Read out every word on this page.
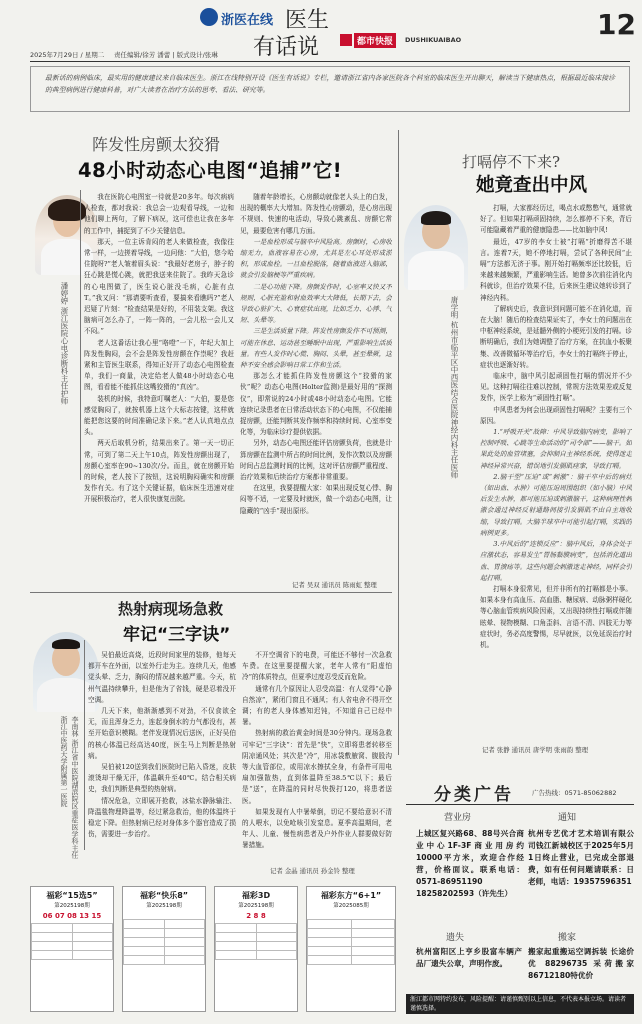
浙医在线 医生
有话说	都市快报	DUSHIKUAIBAO	12
2025年7月29日 / 星期二 责任编辑/徐芳 潘蕾 | 版式设计/张琳
最新话的病例临床，最实用的健康建议来自临床医生。浙江在线特别开设《医生有话说》专栏，邀请浙江省内各家医院各个科室的临床医生开出聊天，解读当下健康热点，根据最近临床接诊的典型病例进行健康科普，对广大读者在治疗方法的思考、看法、研究等。
阵发性房颤太狡猾
48小时动态心电图“追捕”它!
潘婷婷 浙江医院心电诊断科主任护师

我在医院心电图室一待就是20多年。每次病病人检查，都对我说：我总会一边观看导线，一边和他们聊上两句，了解下病况，这可偿也让我在多年的工作中，捕捉到了不少关键信息。

那天，一位主诉肯闷的老人来做检查，我像往常一样，一边搓着导线，一边问他：“大伯，您今哈住院呀?”老人皱着眉头说：“我最好老房子，脖子的狂心跳是慌心跳，就把我送来住院了。我昨天急诊的心电图做了，医生说心脏没毛病，心脏有点 T。”我又问：“那请要听查看，要搞来看瞧吗?”老人迟疑了片刻：“检查结果是好的，不用装支架。我这脑病可怎么办了，一阵一阵的，一会儿松一会儿又不闷。”

老人这番话让我心里“咯噔”一下，年纪大加上阵发性胸闷，会不会是阵发性房颤在作祟呢？我赶紧和主管医生联系，得知正好开了动态心电图检查单，我们一商量，决定给老人做48小时动态心电图，看看能不能抓住这嘴狡猾的“真凶”。

装机的时候，我特意叮嘱老人：“大伯，要是您感觉胸闷了，就按机器上这个大标志按键，这样就能把您这要的时间准确记录下来。”老人认真地点点头。

两天后取机分析，结果出来了。第一天一切正常，可到了第二天上午10点，阵发性房颤出现了，房颤心室率在90~130次/分。而且，就在房颤开始的时候，老人按下了按钮，这说明胸闷确实和房颤发作有关。有了这个关键证据，临床医生迅速对症开展积极治疗，老人很快康复出院。

随着年龄增长，心房颤动就像老人头上的白发，出现的概率大大增加。阵发性心房颤动，是心房出现不规则、快速的电活动，导致心跳紊乱、房颤它常见，最要危害有哪几方面。

一是血栓形成与脑卒中风险高。房颤时，心房收缩无力，血液容易在心房，尤其是左心耳处形成淤积，形成血栓。一旦血栓脱落，随着血液进入脑部，就会引发脑梗等严重疾病。

二是心功能下降。房颤发作时，心室率又快又不规则，心脏充盈和射血效率大大降低，长期下去，会导致心脏扩大、心衰症状出现，比如乏力、心悸、气短、头晕等。

三是生活质量下降。阵发性房颤发作不可预测，可能在休息、运动甚至睡眠中出现，严重影响生活质量。有些人发作时心慌、胸闷、头晕，甚至晕厥，这种不安全感会影响日常工作和生活。

那怎么才能抓住阵发性房颤这个“狡猾的家伙”呢？动态心电图(Holter监测)是最好用的“探测仪”，即常说的24小时或48小时动态心电图。它能连续记录患者在日常活动状态下的心电图，不仅能捕捉房颤，还能判断其发作频率和持续时间、心室率变化等，为临床诊疗提供依据。

另外，动态心电图还能评估房颤负荷，也就是计算房颤在监测中所占的时间比例，发作次数以及房颤时间占总监测时间的比例，这对评估房颤严重程度、治疗效果和后续治疗方案都非常重要。

在这里，我要提醒大家：如果出现反复心悸、胸闷等不适，一定要及时就医，做一个动态心电图，让隐藏的“凶手”现出原形。

记者 吴双 通讯员 陈雨虹 整理
打嗝停不下来?
她竟查出中风
唐学明 杭州市临平区中西医结合医院神经内科主任医师

打嗝，大家都经历过，喝点水或憋憋气，通常就好了。但如果打嗝顽固持续，怎么都停不下来，背后可能隐藏着严重的健康隐患——比如脑中风!

最近，47岁的李女士被“打嗝”折磨得苦不堪言。连着7天，她不停地打嗝，尝试了各种民间“止嗝”方法都无济于事。刚开始打嗝频率还比较低，后来越来越频繁，严重影响生活。她曾多次前往消化内科就诊，但治疗效果不佳，后来医生建议她转诊到了神经内科。

了解病史后，我意识到问题可能不在消化道，而在大脑！随后的检查结果证实了，李女士的问题出在中枢神经系统，是延髓外侧的小梗死引发的打嗝。诊断明确后，我们为她调整了治疗方案，在抗血小板聚集、改善微循环等治疗后，李女士的打嗝终于停止，症状也逐渐好转。

临床中，脑中风引起顽固性打嗝的情况并不少见。这种打嗝往往难以控制，常规方法效果差或反复发作，医学上称为“顽固性打嗝”。

中风患者为何会出现顽固性打嗝呢？主要有三个原因。

1.“呼吸开关”故障：中风导致脑内病变，影响了控制呼吸、心跳等生命活动的“司令部”——脑干。如果此处的血管堵塞，会抑制自主神经系统，使得迷走神经异常兴奋，错误地引发膈肌痉挛，导致打嗝。

2.脑干型“压迫”或“刺激”：脑干卒中后的病灶（如出血、水肿）可能压迫周围组织（如小脑）中风后发生水肿，都可能压迫或刺激脑干，这种病理性刺激会通过神经反射通路间接引发膈肌不由自主地收缩，导致打嗝。大脑半球卒中可能引起打嗝，实践的病例更多。

3.中风后的“连锁反应”：脑中风后，身体会处于应激状态，容易发生“胃肠黏膜病变”，包括消化道出血、胃溃疡等。这些问题会刺激迷走神经，同样会引起打嗝。

打嗝本身很常见，但并非所有的打嗝都是小事。如果本身有高血压、高血脂、糖尿病、动脉粥样硬化等心脑血管疾病风险因素，又出现持续性打嗝或伴随眩晕、视物模糊、口角歪斜、言语不清、四肢无力等症状时，务必高度警惕，尽早就医，以免延误治疗时机。

记者 张静 通讯员 唐学明 张雨韵 整理
热射病现场急救
牢记“三字诀”
李南林 浙江省中医院湖滨院区重症医学科主任 浙江中医药大学附属第一医院

吴伯最近高烧，近段时间家里的装修，他每天都开车在外面，以室外行走为主。连续几天，他感觉头晕、乏力，胸闷的情况越来越严重。今天，杭州气温持续攀升，但是他为了省钱，硬是忍着没开空调。

几天下来，他渐渐感到不对劲，不仅食欲全无，而且浑身乏力，连起身倒水的力气都没有，甚至开始意识模糊。老伴发现情况后送医，正好吴伯的核心体温已经高达40度，医生马上判断是热射病。

吴伯被120送到我们医院时已陷入昏迷，皮肤滚烫却干燥无汗，体温飙升至40℃。结合相关病史，我们判断是典型的热射病。

情况危急，立即展开抢救，冰盐水静脉输注、降温毯物理降温等，经过紧急救治，他的体温终于稳定下降。但热射病已经对身体多个器官造成了损伤，需要进一步治疗。

不开空调省下的电费，可能还不够付一次急救车费。在这里要提醒大家，老年人常有“阳虚怕冷”的体质特点，但夏季过度忍受反而危险。

通常有几个原因让人忍受高温：有人觉得“心静自然凉”，紧闭门窗且不通风；有人省电舍不得开空调；有的老人身体感知迟钝，不知道自己已经中暑。

热射病的救治黄金时间是30分钟内。现场急救可牢记“三字诀”：首先是“快”，立即将患者转移至阴凉通风处；其次是“冷”，用冰袋敷腋窝、腹股沟等大血管部位，或用凉水擦拭全身，有条件可用电扇加强散热，直到体温降至38.5℃以下；最后是“送”，在降温的同时尽快拨打120，将患者送医。

如果发现有人中暑晕倒，切记不要给意识不清的人喂水，以免呛咳引发窒息。夏季高温期间，老年人、儿童、慢性病患者及户外作业人群要做好防暑措施。

记者 金晶 通讯员 孙金铃 整理
分类广告	广告热线：0571-85062882
营业房
上城区复兴路68、88号兴合商业中心1F-3F商业用房约10000平方米，欢迎合作经营，价格面议。联系电话：0571-86951190 18258202593（许先生）
通知
杭州专艺优才艺术培训有限公司钱江新城校区于2025年5月1日终止营业，已完成全部退费，如有任何问题请联系：日老师，电话：19357596351
遗失
杭州富阳区上亨乡股富车辆产品厂遗失公章，声明作废。
搬家
搬家起重搬运空调拆装 长途价优 88296735 采荷搬家86712180特优价
浙江都市网特约发布，风险提醒：请谨慎甄别以上信息，不代表本报立场。请读者谨慎选择。
福彩“15选5”
第2025198期
06 07 08 13 15

福彩“快乐8”
第2025198期

福彩3D
第2025198期
2 8 8

福彩东方“6+1”
第2025085期
